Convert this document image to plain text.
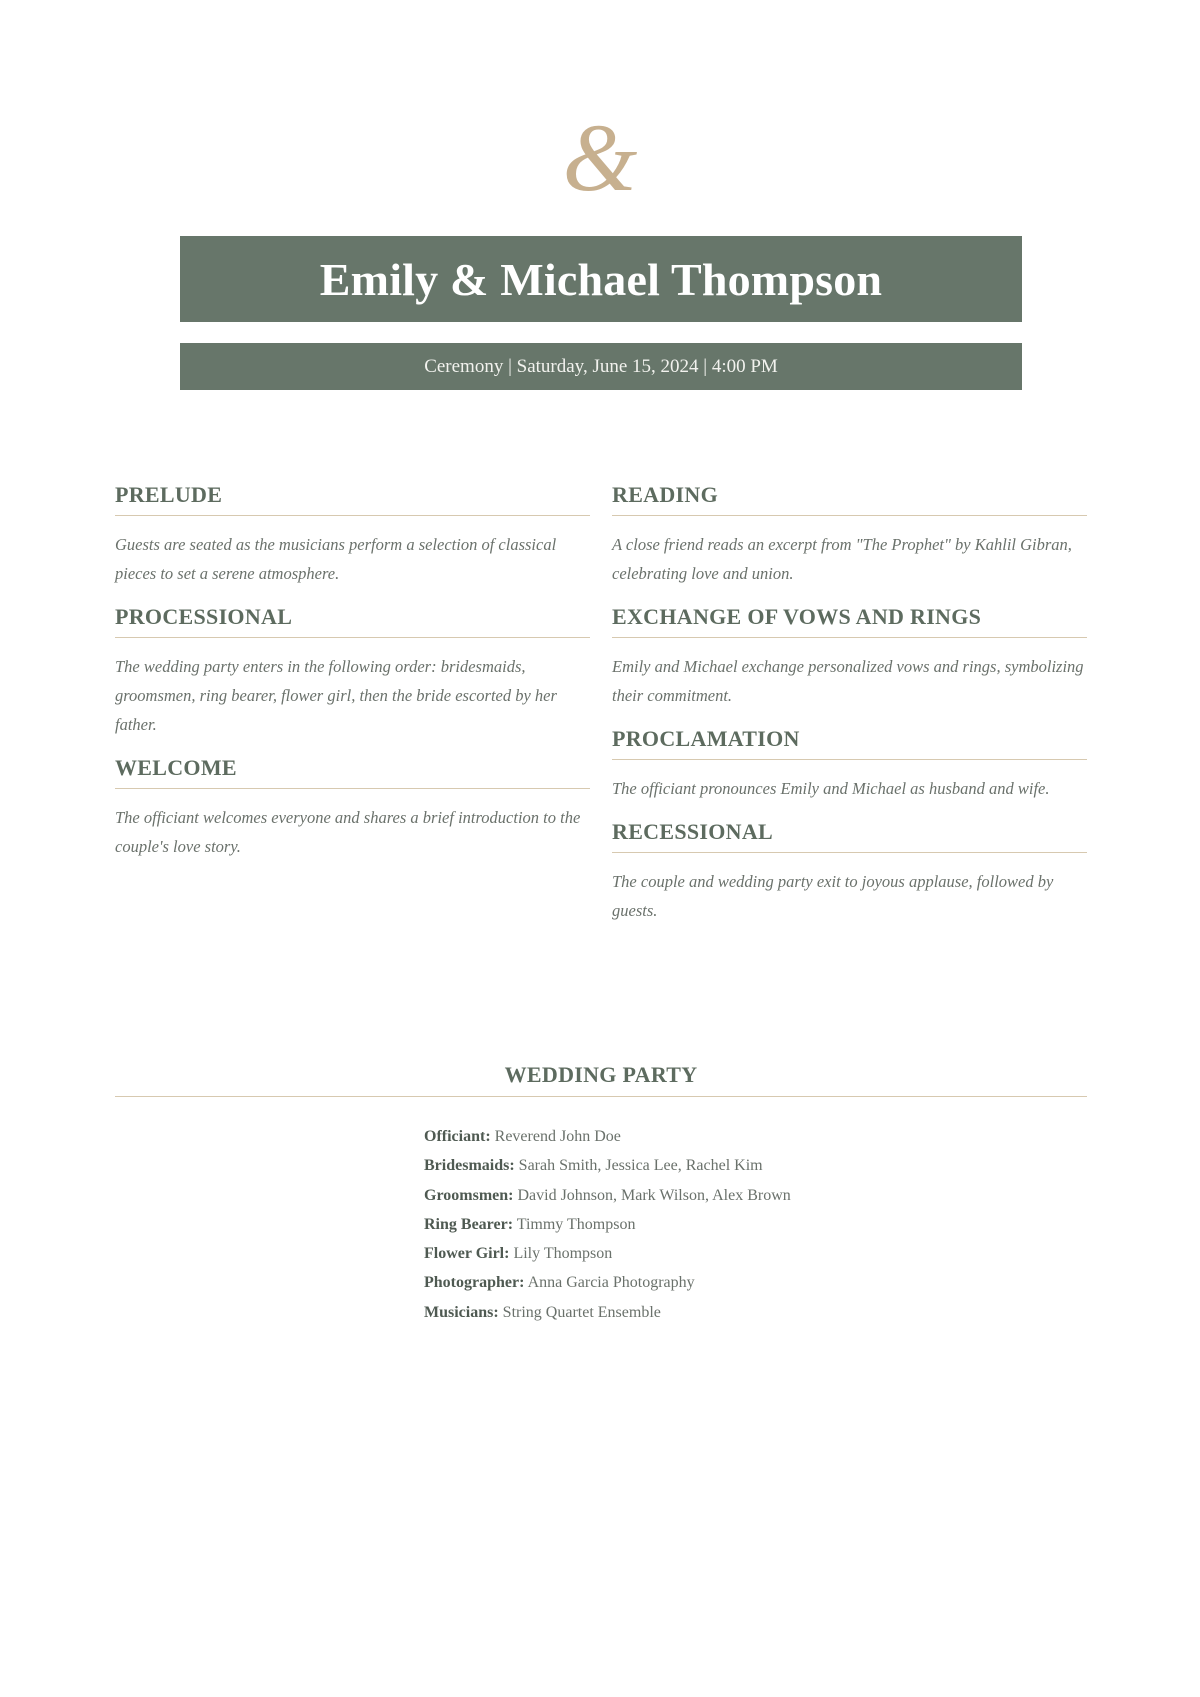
&
Emily & Michael Thompson
Ceremony | Saturday, June 15, 2024 | 4:00 PM
PRELUDE

Guests are seated as the musicians perform a selection of classical pieces to set a serene atmosphere.

PROCESSIONAL

The wedding party enters in the following order: bridesmaids, groomsmen, ring bearer, flower girl, then the bride escorted by her father.

WELCOME

The officiant welcomes everyone and shares a brief introduction to the couple's love story.

READING

A close friend reads an excerpt from "The Prophet" by Kahlil Gibran, celebrating love and union.

EXCHANGE OF VOWS AND RINGS

Emily and Michael exchange personalized vows and rings, symbolizing their commitment.

PROCLAMATION

The officiant pronounces Emily and Michael as husband and wife.

RECESSIONAL

The couple and wedding party exit to joyous applause, followed by guests.

WEDDING PARTY
Officiant: Reverend John Doe
Bridesmaids: Sarah Smith, Jessica Lee, Rachel Kim
Groomsmen: David Johnson, Mark Wilson, Alex Brown
Ring Bearer: Timmy Thompson
Flower Girl: Lily Thompson
Photographer: Anna Garcia Photography
Musicians: String Quartet Ensemble
